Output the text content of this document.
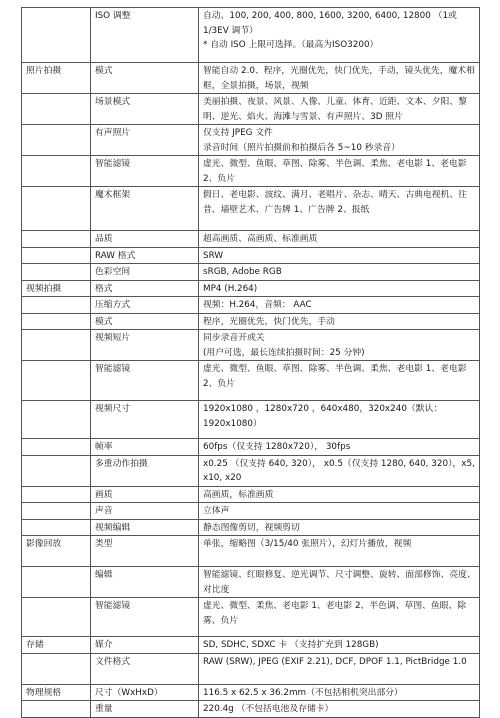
	ISO 调整	自动、100, 200, 400, 800, 1600, 3200, 6400, 12800 （1或1/3EV 调节）
* 自动 ISO 上限可选择。（最高为ISO3200）
照片拍摄	模式	智能自动 2.0、程序，光圈优先，快门优先，手动，镜头优先，魔术相框，全景拍摄，场景，视频
	场景模式	美丽拍摄、夜景、风景、人像、儿童、体育、近距、文本、夕阳、黎明、逆光、焰火、海滩与雪景、有声照片、3D 照片
	有声照片	仅支持 JPEG 文件
录音时间（照片拍摄前和拍摄后各 5~10 秒录音）
	智能滤镜	虚光、微型、鱼眼、草图、除雾、半色调、柔焦、老电影 1、老电影 2、负片
	魔术框架	假日、老电影、波纹、满月、老唱片、杂志、晴天、古典电视机、往昔、墙壁艺术、广告牌 1、广告牌 2、报纸
	品质	超高画质、高画质、标准画质
	RAW 格式	SRW
	色彩空间	sRGB, Adobe RGB
视频拍摄	格式	MP4 (H.264)
	压缩方式	视频：H.264，音频： AAC
	模式	程序，光圈优先，快门优先，手动
	视频短片	同步录音开或关
(用户可选，最长连续拍摄时间：25 分钟)
	智能滤镜	虚光、微型、鱼眼、草图、除雾、半色调、柔焦、老电影 1、老电影 2、负片
	视频尺寸	1920x1080 ，1280x720 ，640x480，320x240（默认：1920x1080）
	帧率	60fps（仅支持 1280x720）， 30fps
	多重动作拍摄	x0.25 （仅支持 640, 320）， x0.5（仅支持 1280, 640, 320），x5, x10, x20
	画质	高画质，标准画质
	声音	立体声
	视频编辑	静态图像剪切，视频剪切
影像回放	类型	单张，缩略图（3/15/40 张照片），幻灯片播放，视频
	编辑	智能滤镜、红眼修复、逆光调节、尺寸调整、旋转、面部修饰、亮度、对比度
	智能滤镜	虚光、微型、柔焦、老电影 1、老电影 2、半色调、草图、鱼眼、除雾、负片
存储	媒介	SD, SDHC, SDXC 卡 （支持扩充到 128GB)
	文件格式	RAW (SRW), JPEG (EXIF 2.21), DCF, DPOF 1.1, PictBridge 1.0
物理规格	尺寸（WxHxD）	116.5 x 62.5 x 36.2mm（不包括相机突出部分）
	重量	220.4g （不包括电池及存储卡）
